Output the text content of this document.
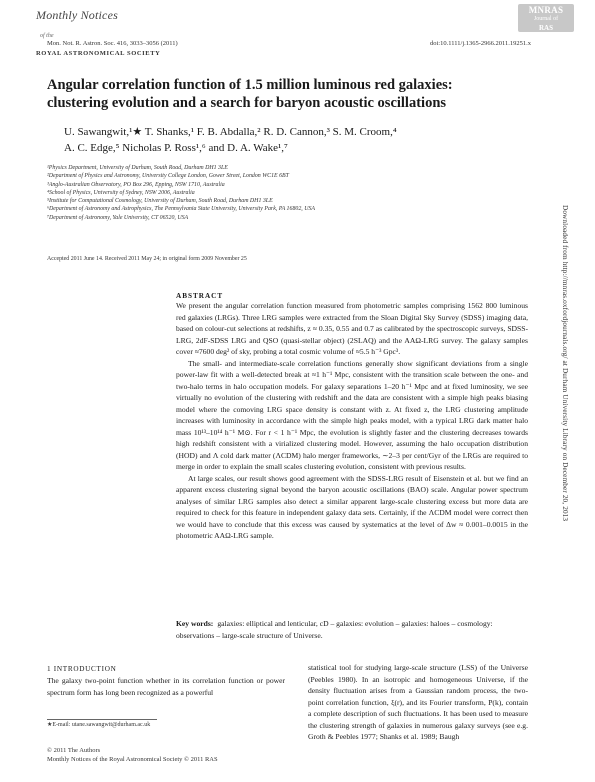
Monthly Notices
of the
ROYAL ASTRONOMICAL SOCIETY
MNRAS
Journal of
RAS
Mon. Not. R. Astron. Soc. 416, 3033–3056 (2011)	doi:10.1111/j.1365-2966.2011.19251.x
Angular correlation function of 1.5 million luminous red galaxies:
clustering evolution and a search for baryon acoustic oscillations
U. Sawangwit,¹★ T. Shanks,¹ F. B. Abdalla,² R. D. Cannon,³ S. M. Croom,⁴
A. C. Edge,⁵ Nicholas P. Ross¹,⁶ and D. A. Wake¹,⁷
¹Physics Department, University of Durham, South Road, Durham DH1 3LE
²Department of Physics and Astronomy, University College London, Gower Street, London WC1E 6BT
³Anglo-Australian Observatory, PO Box 296, Epping, NSW 1710, Australia
⁴School of Physics, University of Sydney, NSW 2006, Australia
⁵Institute for Computational Cosmology, University of Durham, South Road, Durham DH1 3LE
⁶Department of Astronomy and Astrophysics, The Pennsylvania State University, University Park, PA 16802, USA
⁷Department of Astronomy, Yale University, CT 06520, USA
Accepted 2011 June 14. Received 2011 May 24; in original form 2009 November 25
ABSTRACT

We present the angular correlation function measured from photometric samples comprising 1562 800 luminous red galaxies (LRGs). Three LRG samples were extracted from the Sloan Digital Sky Survey (SDSS) imaging data, based on colour-cut selections at redshifts, z ≈ 0.35, 0.55 and 0.7 as calibrated by the spectroscopic surveys, SDSS-LRG, 2dF-SDSS LRG and QSO (quasi-stellar object) (2SLAQ) and the AAΩ-LRG survey. The galaxy samples cover ≈7600 deg² of sky, probing a total cosmic volume of ≈5.5 h⁻³ Gpc³.

The small- and intermediate-scale correlation functions generally show significant deviations from a single power-law fit with a well-detected break at ≈1 h⁻¹ Mpc, consistent with the transition scale between the one- and two-halo terms in halo occupation models. For galaxy separations 1–20 h⁻¹ Mpc and at fixed luminosity, we see virtually no evolution of the clustering with redshift and the data are consistent with a simple high peaks biasing model where the comoving LRG space density is constant with z. At fixed z, the LRG clustering amplitude increases with luminosity in accordance with the simple high peaks model, with a typical LRG dark matter halo mass 10¹³–10¹⁴ h⁻¹ M⊙. For r < 1 h⁻¹ Mpc, the evolution is slightly faster and the clustering decreases towards high redshift consistent with a virialized clustering model. However, assuming the halo occupation distribution (HOD) and Λ cold dark matter (ΛCDM) halo merger frameworks, ∼2–3 per cent/Gyr of the LRGs are required to merge in order to explain the small scales clustering evolution, consistent with previous results.

At large scales, our result shows good agreement with the SDSS-LRG result of Eisenstein et al. but we find an apparent excess clustering signal beyond the baryon acoustic oscillations (BAO) scale. Angular power spectrum analyses of similar LRG samples also detect a similar apparent large-scale clustering excess but more data are required to check for this feature in independent galaxy data sets. Certainly, if the ΛCDM model were correct then we would have to conclude that this excess was caused by systematics at the level of Δw ≈ 0.001–0.0015 in the photometric AAΩ-LRG sample.

Key words: galaxies: elliptical and lenticular, cD – galaxies: evolution – galaxies: haloes – cosmology: observations – large-scale structure of Universe.
1 INTRODUCTION
The galaxy two-point function whether in its correlation function or power spectrum form has long been recognized as a powerful
★E-mail: utane.sawangwit@durham.ac.uk
statistical tool for studying large-scale structure (LSS) of the Universe (Peebles 1980). In an isotropic and homogeneous Universe, if the density fluctuation arises from a Gaussian random process, the two-point correlation function, ξ(r), and its Fourier transform, P(k), contain a complete description of such fluctuations. It has been used to measure the clustering strength of galaxies in numerous galaxy surveys (see e.g. Groth & Peebles 1977; Shanks et al. 1989; Baugh
© 2011 The Authors
Monthly Notices of the Royal Astronomical Society © 2011 RAS
Downloaded from http://mnras.oxfordjournals.org/ at Durham University Library on December 20, 2013
